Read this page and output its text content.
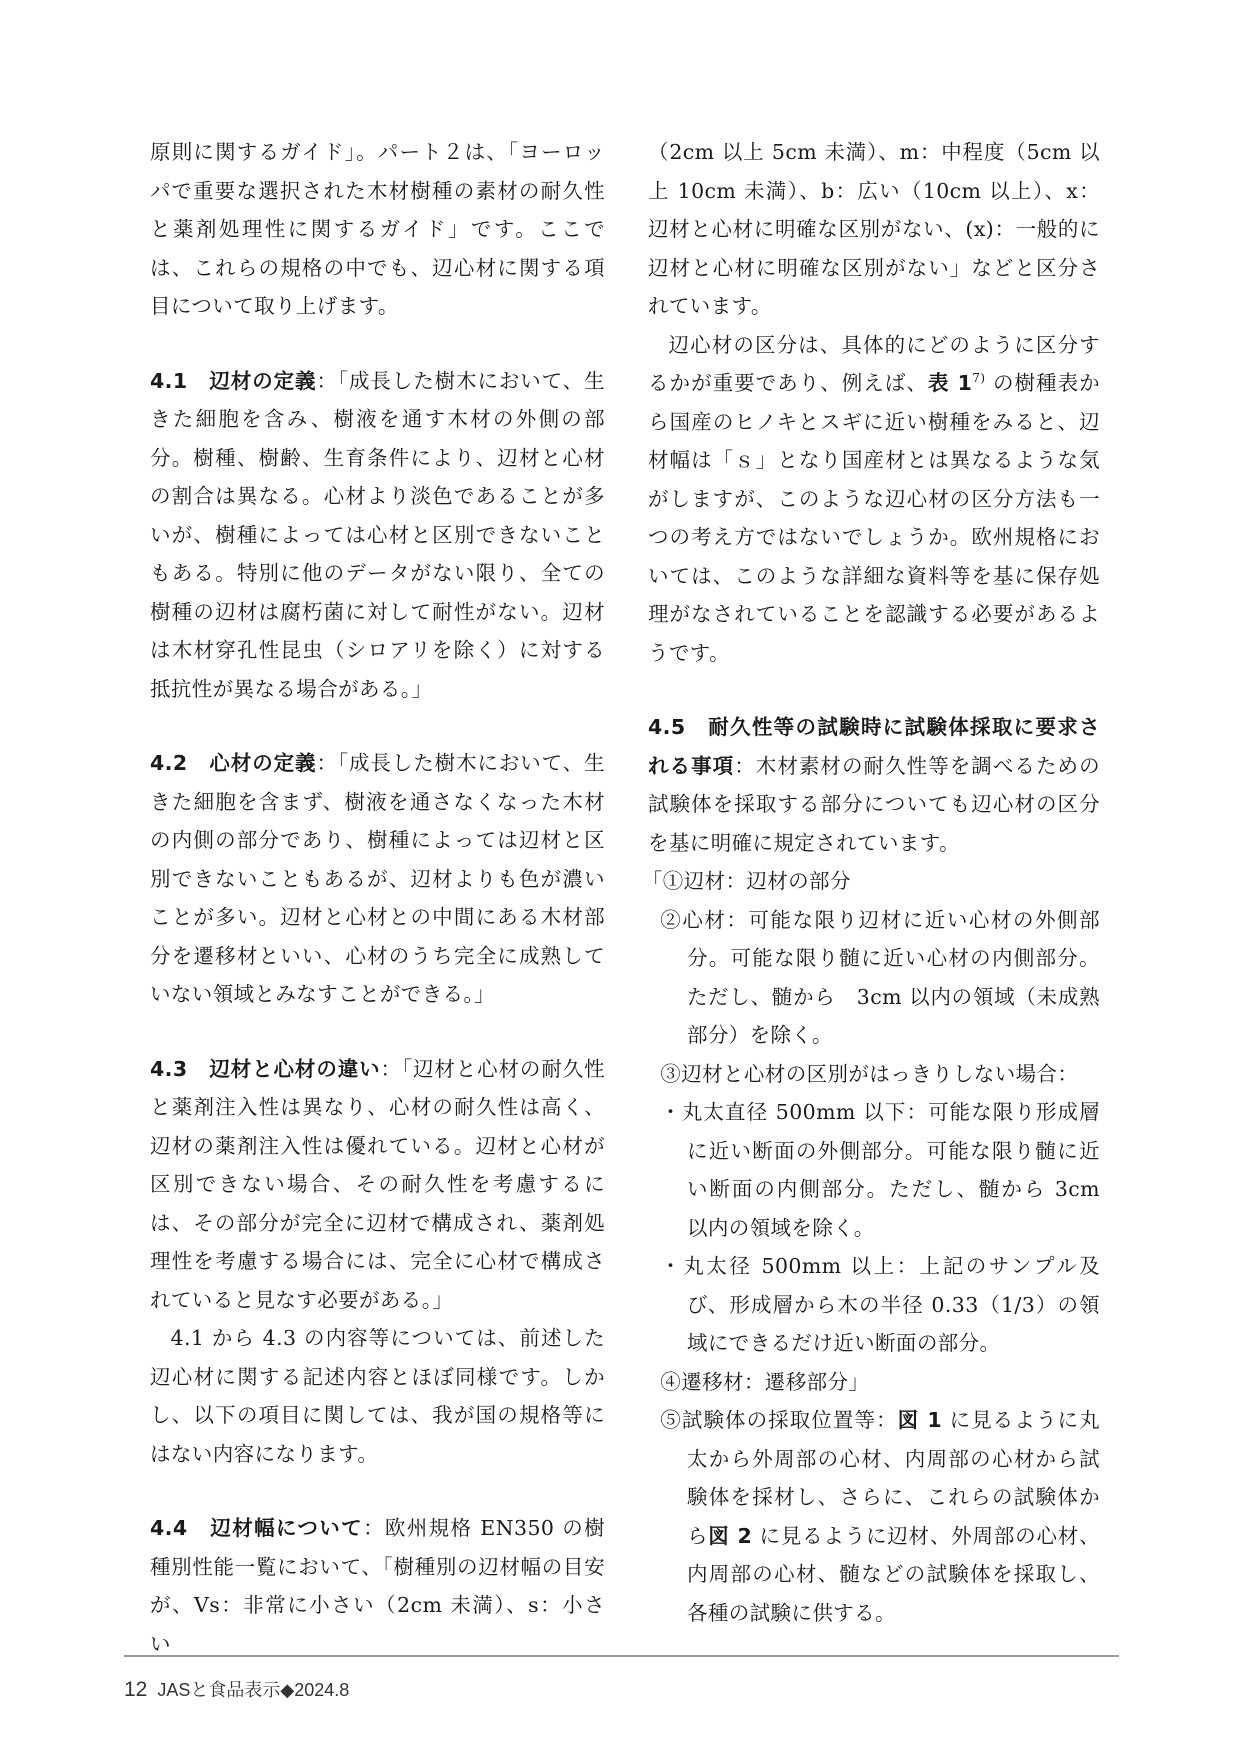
原則に関するガイド」。パート２は、「ヨーロッパで重要な選択された木材樹種の素材の耐久性と薬剤処理性に関するガイド」です。ここでは、これらの規格の中でも、辺心材に関する項目について取り上げます。

4.1　辺材の定義：「成長した樹木において、生きた細胞を含み、樹液を通す木材の外側の部分。樹種、樹齢、生育条件により、辺材と心材の割合は異なる。心材より淡色であることが多いが、樹種によっては心材と区別できないこともある。特別に他のデータがない限り、全ての樹種の辺材は腐朽菌に対して耐性がない。辺材は木材穿孔性昆虫（シロアリを除く）に対する抵抗性が異なる場合がある。」

4.2　心材の定義：「成長した樹木において、生きた細胞を含まず、樹液を通さなくなった木材の内側の部分であり、樹種によっては辺材と区別できないこともあるが、辺材よりも色が濃いことが多い。辺材と心材との中間にある木材部分を遷移材といい、心材のうち完全に成熟していない領域とみなすことができる。」

4.3　辺材と心材の違い：「辺材と心材の耐久性と薬剤注入性は異なり、心材の耐久性は高く、辺材の薬剤注入性は優れている。辺材と心材が区別できない場合、その耐久性を考慮するには、その部分が完全に辺材で構成され、薬剤処理性を考慮する場合には、完全に心材で構成されていると見なす必要がある。」

4.1 から 4.3 の内容等については、前述した辺心材に関する記述内容とほぼ同様です。しかし、以下の項目に関しては、我が国の規格等にはない内容になります。

4.4　辺材幅について：欧州規格 EN350 の樹種別性能一覧において、「樹種別の辺材幅の目安が、Vs：非常に小さい（2cm 未満）、s：小さい

（2cm 以上 5cm 未満）、m：中程度（5cm 以上 10cm 未満）、b：広い（10cm 以上）、x：辺材と心材に明確な区別がない、(x)：一般的に辺材と心材に明確な区別がない」などと区分されています。

辺心材の区分は、具体的にどのように区分するかが重要であり、例えば、表 1$^{7)}$ の樹種表から国産のヒノキとスギに近い樹種をみると、辺材幅は「ｓ」となり国産材とは異なるような気がしますが、このような辺心材の区分方法も一つの考え方ではないでしょうか。欧州規格においては、このような詳細な資料等を基に保存処理がなされていることを認識する必要があるようです。

4.5　耐久性等の試験時に試験体採取に要求される事項：木材素材の耐久性等を調べるための試験体を採取する部分についても辺心材の区分を基に明確に規定されています。

「①辺材：辺材の部分

②心材：可能な限り辺材に近い心材の外側部分。可能な限り髄に近い心材の内側部分。ただし、髄から　3cm 以内の領域（未成熟部分）を除く。

③辺材と心材の区別がはっきりしない場合：

・丸太直径 500mm 以下：可能な限り形成層に近い断面の外側部分。可能な限り髄に近い断面の内側部分。ただし、髄から 3cm 以内の領域を除く。

・丸太径 500mm 以上：上記のサンプル及び、形成層から木の半径 0.33（1/3）の領域にできるだけ近い断面の部分。

④遷移材：遷移部分」

⑤試験体の採取位置等：図 1 に見るように丸太から外周部の心材、内周部の心材から試験体を採材し、さらに、これらの試験体から図 2 に見るように辺材、外周部の心材、内周部の心材、髄などの試験体を採取し、各種の試験に供する。

12 JASと食品表示◆2024.8
